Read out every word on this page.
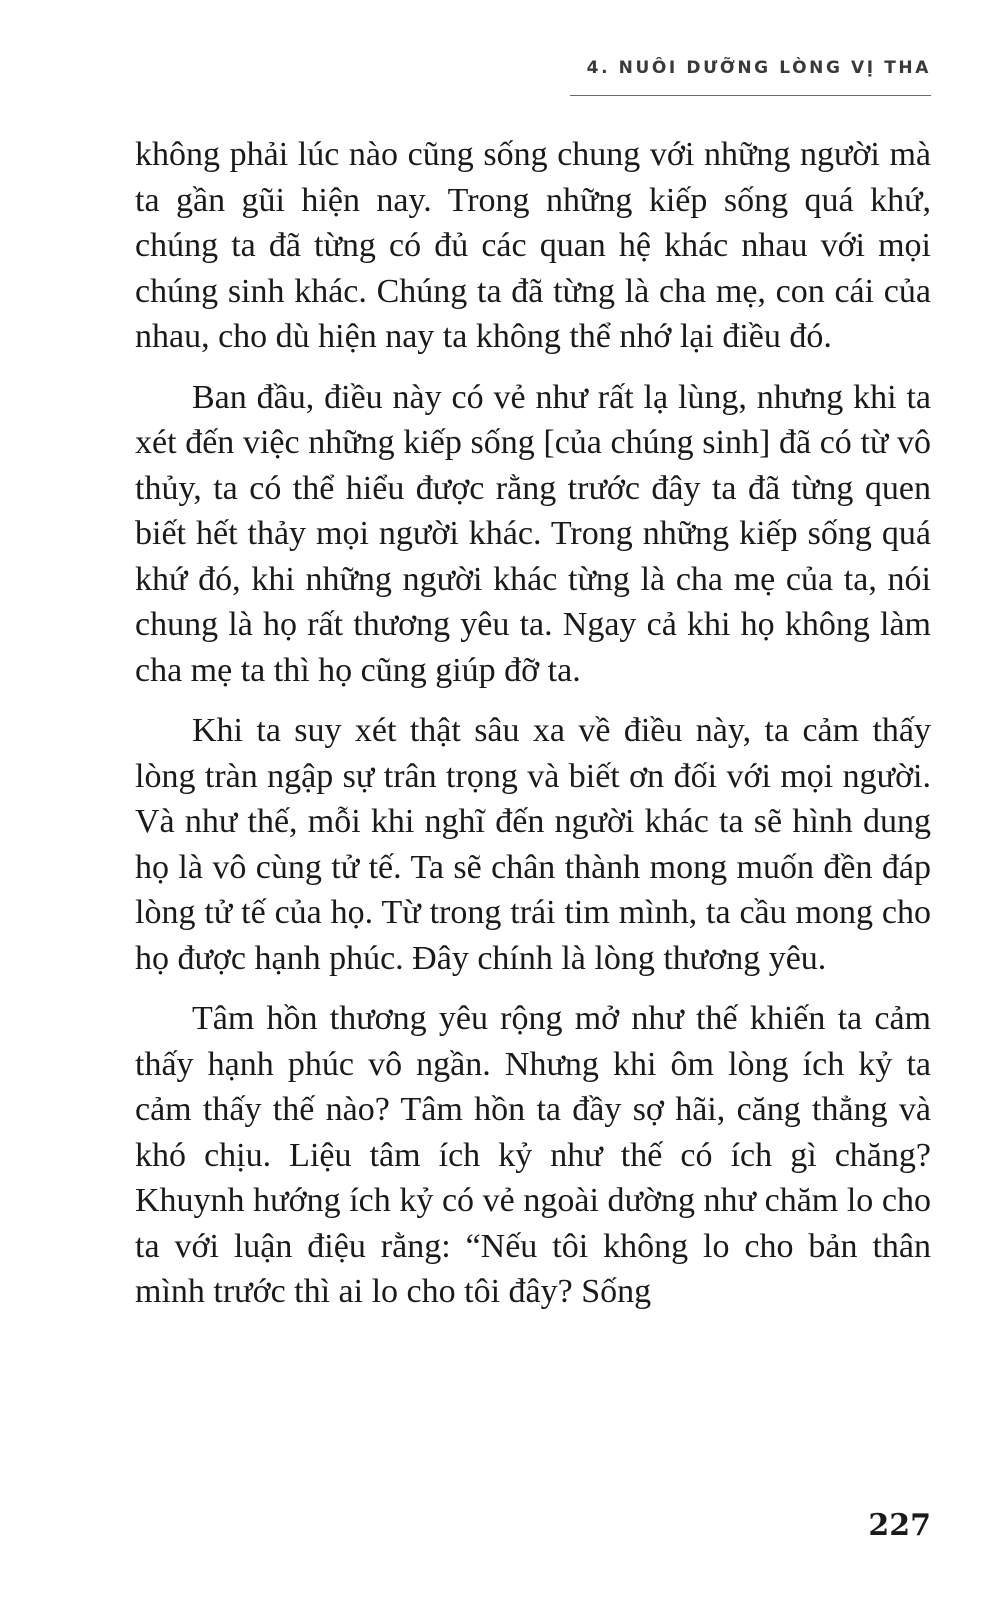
4. NUÔI DƯỠNG LÒNG VỊ THA

không phải lúc nào cũng sống chung với những người mà ta gần gũi hiện nay. Trong những kiếp sống quá khứ, chúng ta đã từng có đủ các quan hệ khác nhau với mọi chúng sinh khác. Chúng ta đã từng là cha mẹ, con cái của nhau, cho dù hiện nay ta không thể nhớ lại điều đó.

Ban đầu, điều này có vẻ như rất lạ lùng, nhưng khi ta xét đến việc những kiếp sống [của chúng sinh] đã có từ vô thủy, ta có thể hiểu được rằng trước đây ta đã từng quen biết hết thảy mọi người khác. Trong những kiếp sống quá khứ đó, khi những người khác từng là cha mẹ của ta, nói chung là họ rất thương yêu ta. Ngay cả khi họ không làm cha mẹ ta thì họ cũng giúp đỡ ta.

Khi ta suy xét thật sâu xa về điều này, ta cảm thấy lòng tràn ngập sự trân trọng và biết ơn đối với mọi người. Và như thế, mỗi khi nghĩ đến người khác ta sẽ hình dung họ là vô cùng tử tế. Ta sẽ chân thành mong muốn đền đáp lòng tử tế của họ. Từ trong trái tim mình, ta cầu mong cho họ được hạnh phúc. Đây chính là lòng thương yêu.

Tâm hồn thương yêu rộng mở như thế khiến ta cảm thấy hạnh phúc vô ngần. Nhưng khi ôm lòng ích kỷ ta cảm thấy thế nào? Tâm hồn ta đầy sợ hãi, căng thẳng và khó chịu. Liệu tâm ích kỷ như thế có ích gì chăng? Khuynh hướng ích kỷ có vẻ ngoài dường như chăm lo cho ta với luận điệu rằng: “Nếu tôi không lo cho bản thân mình trước thì ai lo cho tôi đây? Sống

227
